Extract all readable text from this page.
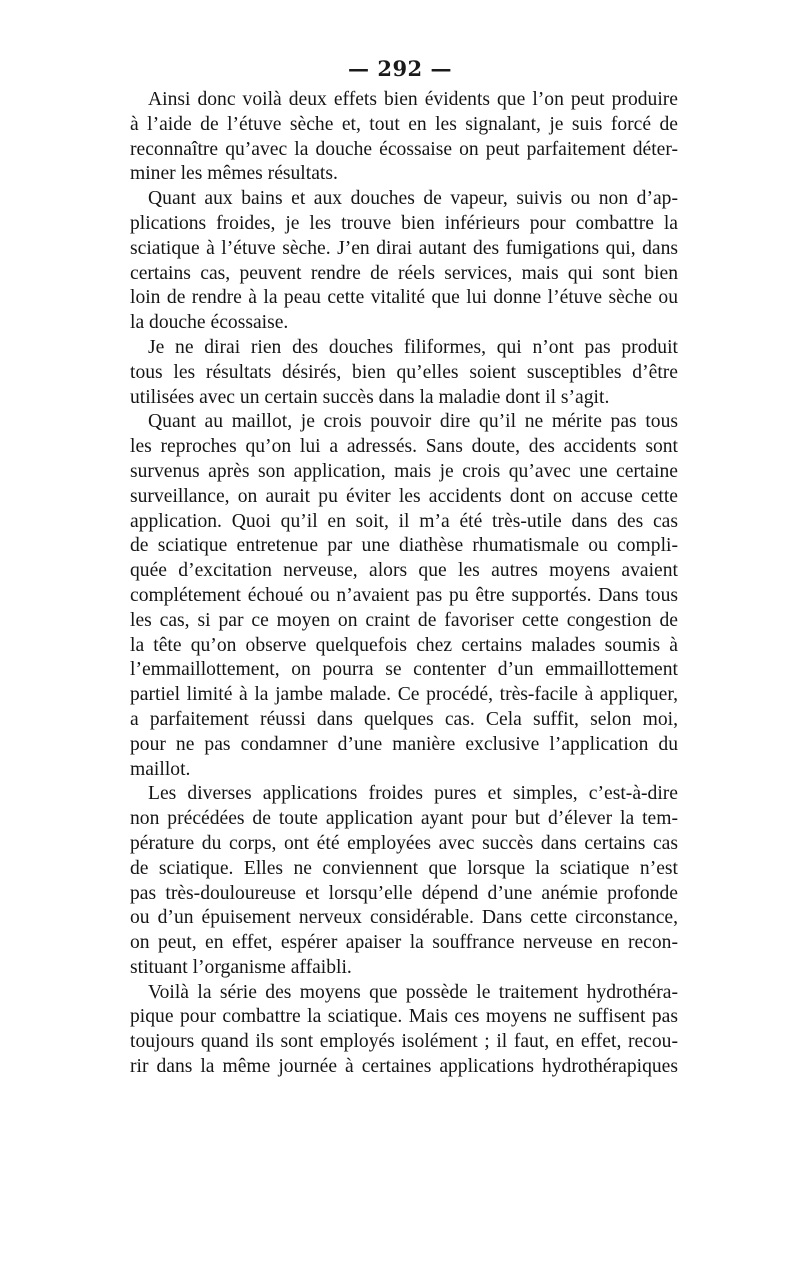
— 292 —
Ainsi donc voilà deux effets bien évidents que l’on peut produire
à l’aide de l’étuve sèche et, tout en les signalant, je suis forcé de
reconnaître qu’avec la douche écossaise on peut parfaitement déter-
miner les mêmes résultats.
Quant aux bains et aux douches de vapeur, suivis ou non d’ap-
plications froides, je les trouve bien inférieurs pour combattre la
sciatique à l’étuve sèche. J’en dirai autant des fumigations qui, dans
certains cas, peuvent rendre de réels services, mais qui sont bien
loin de rendre à la peau cette vitalité que lui donne l’étuve sèche ou
la douche écossaise.
Je ne dirai rien des douches filiformes, qui n’ont pas produit
tous les résultats désirés, bien qu’elles soient susceptibles d’être
utilisées avec un certain succès dans la maladie dont il s’agit.
Quant au maillot, je crois pouvoir dire qu’il ne mérite pas tous
les reproches qu’on lui a adressés. Sans doute, des accidents sont
survenus après son application, mais je crois qu’avec une certaine
surveillance, on aurait pu éviter les accidents dont on accuse cette
application. Quoi qu’il en soit, il m’a été très-utile dans des cas
de sciatique entretenue par une diathèse rhumatismale ou compli-
quée d’excitation nerveuse, alors que les autres moyens avaient
complétement échoué ou n’avaient pas pu être supportés. Dans tous
les cas, si par ce moyen on craint de favoriser cette congestion de
la tête qu’on observe quelquefois chez certains malades soumis à
l’emmaillottement, on pourra se contenter d’un emmaillottement
partiel limité à la jambe malade. Ce procédé, très-facile à appliquer,
a parfaitement réussi dans quelques cas. Cela suffit, selon moi,
pour ne pas condamner d’une manière exclusive l’application du
maillot.
Les diverses applications froides pures et simples, c’est-à-dire
non précédées de toute application ayant pour but d’élever la tem-
pérature du corps, ont été employées avec succès dans certains cas
de sciatique. Elles ne conviennent que lorsque la sciatique n’est
pas très-douloureuse et lorsqu’elle dépend d’une anémie profonde
ou d’un épuisement nerveux considérable. Dans cette circonstance,
on peut, en effet, espérer apaiser la souffrance nerveuse en recon-
stituant l’organisme affaibli.
Voilà la série des moyens que possède le traitement hydrothéra-
pique pour combattre la sciatique. Mais ces moyens ne suffisent pas
toujours quand ils sont employés isolément ; il faut, en effet, recou-
rir dans la même journée à certaines applications hydrothérapiques
